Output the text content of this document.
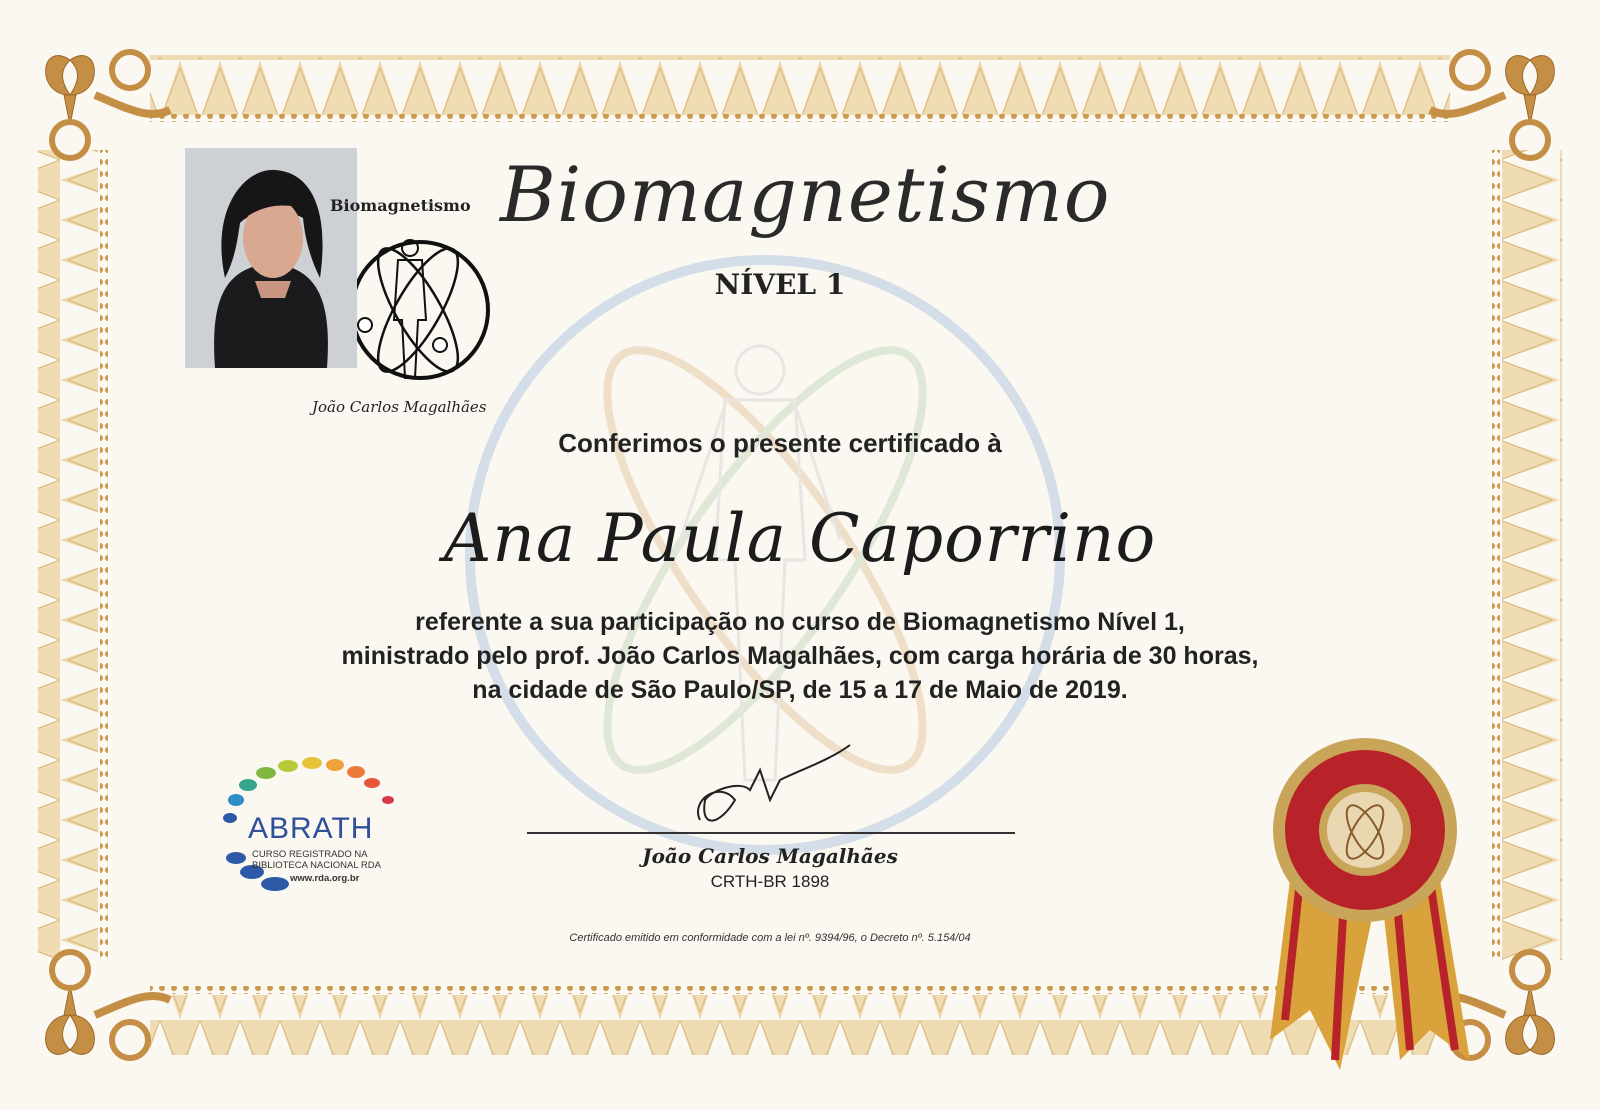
Biomagnetismo
João Carlos Magalhães
Biomagnetismo
NÍVEL 1
Conferimos o presente certificado à
Ana Paula Caporrino
referente a sua participação no curso de Biomagnetismo Nível 1,
ministrado pelo prof. João Carlos Magalhães, com carga horária de 30 horas,
na cidade de São Paulo/SP, de 15 a 17 de Maio de 2019.
João Carlos Magalhães
CRTH-BR 1898
Certificado emitido em conformidade com a lei nº. 9394/96, o Decreto nº. 5.154/04
ABRATH
CURSO REGISTRADO NA
BIBLIOTECA NACIONAL RDA
www.rda.org.br
